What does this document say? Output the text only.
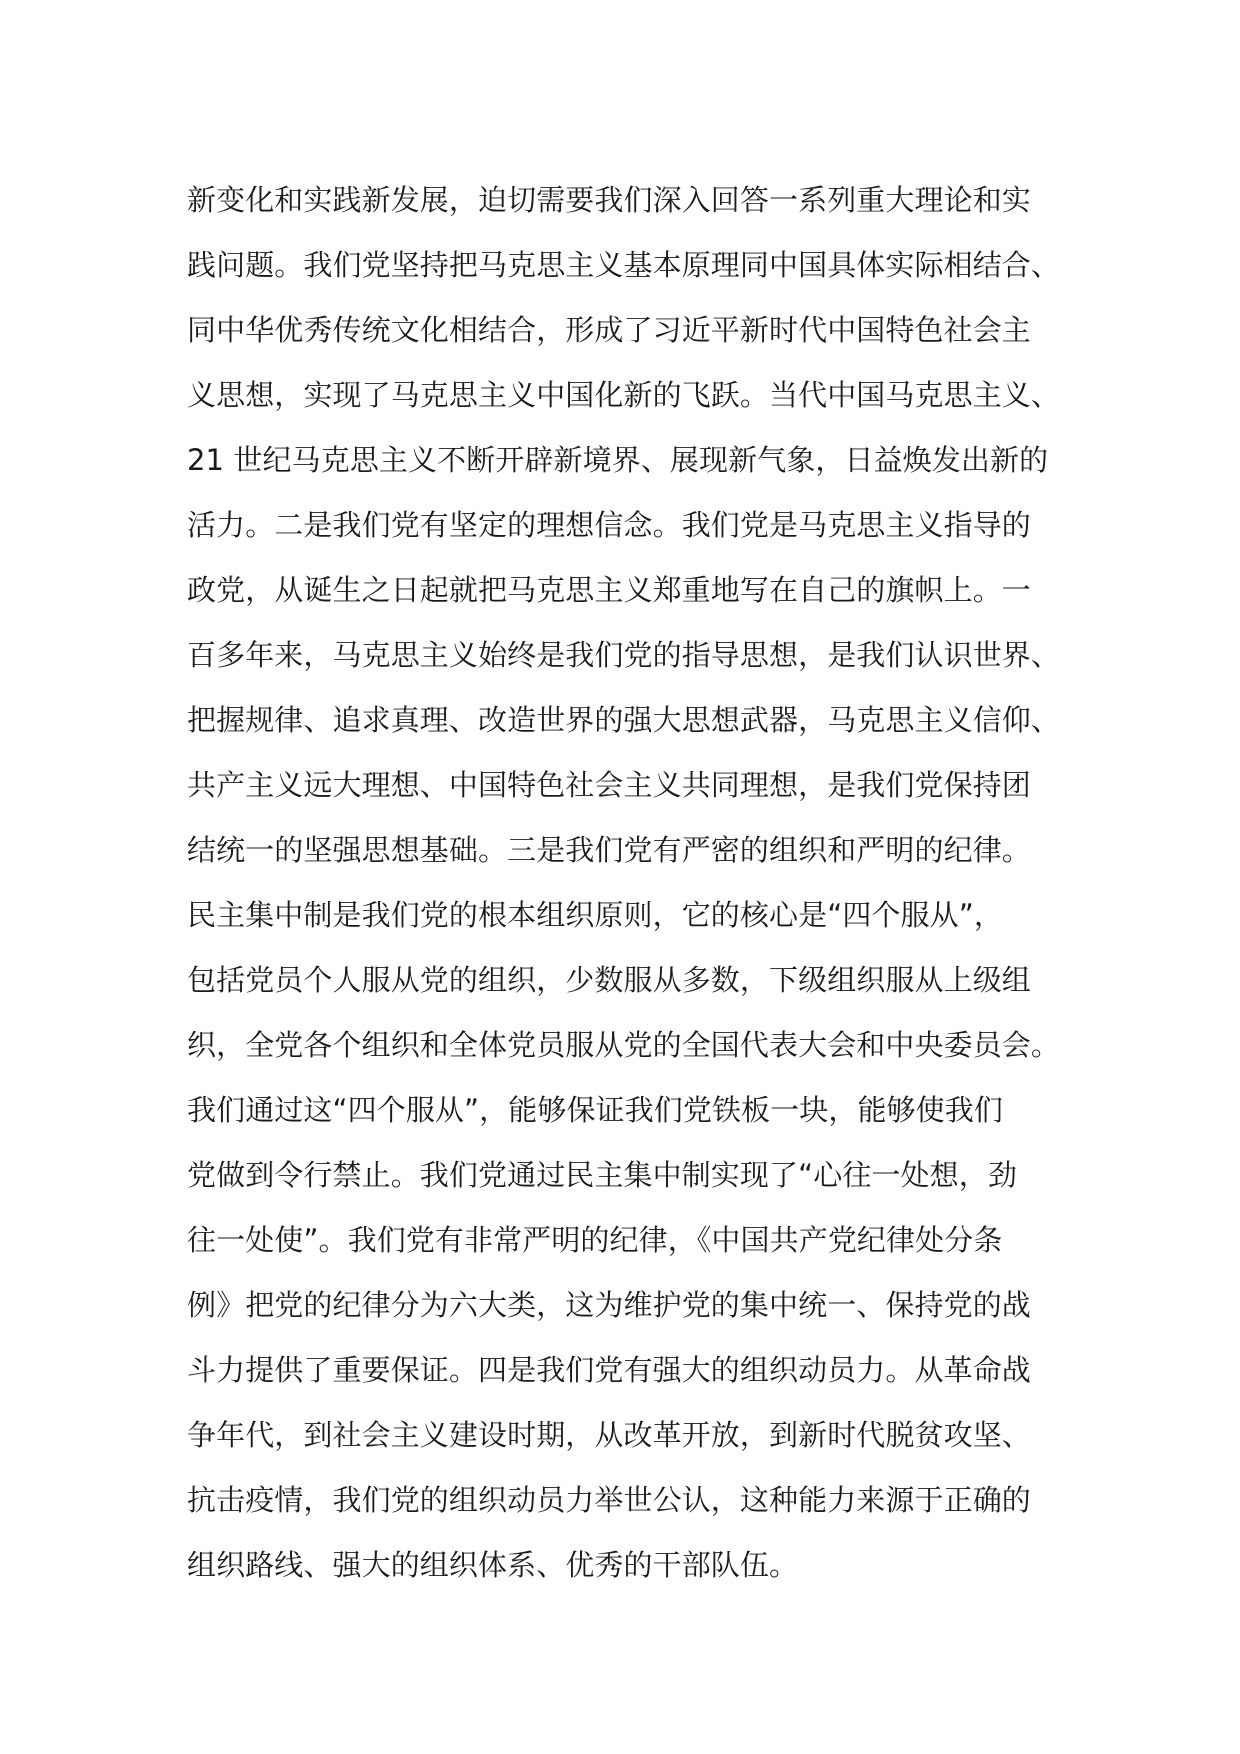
新变化和实践新发展，迫切需要我们深入回答一系列重大理论和实
践问题。我们党坚持把马克思主义基本原理同中国具体实际相结合、
同中华优秀传统文化相结合，形成了习近平新时代中国特色社会主
义思想，实现了马克思主义中国化新的飞跃。当代中国马克思主义、
21 世纪马克思主义不断开辟新境界、展现新气象，日益焕发出新的
活力。二是我们党有坚定的理想信念。我们党是马克思主义指导的
政党，从诞生之日起就把马克思主义郑重地写在自己的旗帜上。一
百多年来，马克思主义始终是我们党的指导思想，是我们认识世界、
把握规律、追求真理、改造世界的强大思想武器，马克思主义信仰、
共产主义远大理想、中国特色社会主义共同理想，是我们党保持团
结统一的坚强思想基础。三是我们党有严密的组织和严明的纪律。
民主集中制是我们党的根本组织原则，它的核心是“四个服从”，
包括党员个人服从党的组织，少数服从多数，下级组织服从上级组
织，全党各个组织和全体党员服从党的全国代表大会和中央委员会。
我们通过这“四个服从”，能够保证我们党铁板一块，能够使我们
党做到令行禁止。我们党通过民主集中制实现了“心往一处想，劲
往一处使”。我们党有非常严明的纪律，《中国共产党纪律处分条
例》把党的纪律分为六大类，这为维护党的集中统一、保持党的战
斗力提供了重要保证。四是我们党有强大的组织动员力。从革命战
争年代，到社会主义建设时期，从改革开放，到新时代脱贫攻坚、
抗击疫情，我们党的组织动员力举世公认，这种能力来源于正确的
组织路线、强大的组织体系、优秀的干部队伍。
